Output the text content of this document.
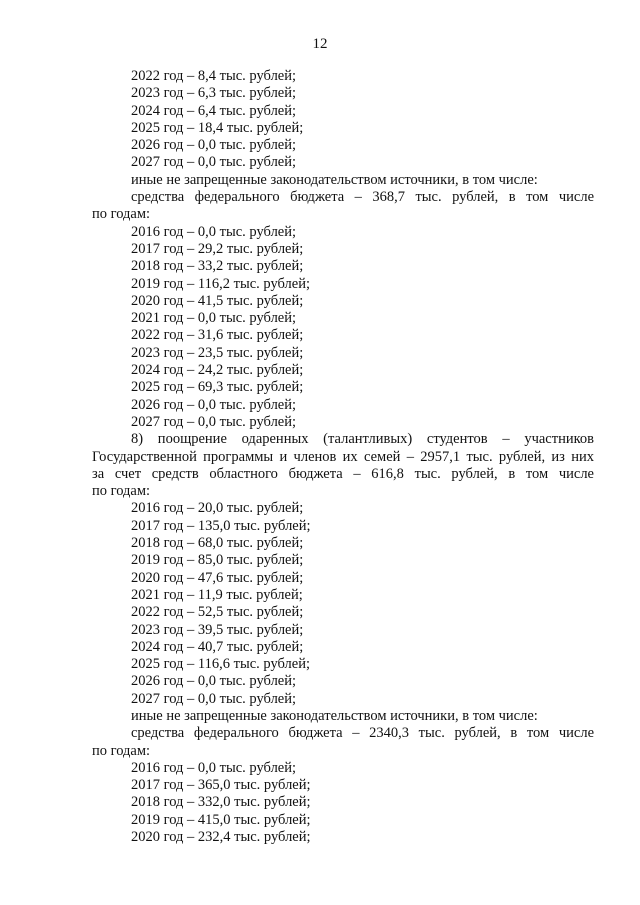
12
2022 год – 8,4 тыс. рублей;
2023 год – 6,3 тыс. рублей;
2024 год – 6,4 тыс. рублей;
2025 год – 18,4 тыс. рублей;
2026 год – 0,0 тыс. рублей;
2027 год – 0,0 тыс. рублей;
иные не запрещенные законодательством источники, в том числе:
средства федерального бюджета – 368,7 тыс. рублей, в том числе
по годам:
2016 год – 0,0 тыс. рублей;
2017 год – 29,2 тыс. рублей;
2018 год – 33,2 тыс. рублей;
2019 год – 116,2 тыс. рублей;
2020 год – 41,5 тыс. рублей;
2021 год – 0,0 тыс. рублей;
2022 год – 31,6 тыс. рублей;
2023 год – 23,5 тыс. рублей;
2024 год – 24,2 тыс. рублей;
2025 год – 69,3 тыс. рублей;
2026 год – 0,0 тыс. рублей;
2027 год – 0,0 тыс. рублей;
8) поощрение одаренных (талантливых) студентов – участников
Государственной программы и членов их семей – 2957,1 тыс. рублей, из них
за счет средств областного бюджета – 616,8 тыс. рублей, в том числе
по годам:
2016 год – 20,0 тыс. рублей;
2017 год – 135,0 тыс. рублей;
2018 год – 68,0 тыс. рублей;
2019 год – 85,0 тыс. рублей;
2020 год – 47,6 тыс. рублей;
2021 год – 11,9 тыс. рублей;
2022 год – 52,5 тыс. рублей;
2023 год – 39,5 тыс. рублей;
2024 год – 40,7 тыс. рублей;
2025 год – 116,6 тыс. рублей;
2026 год – 0,0 тыс. рублей;
2027 год – 0,0 тыс. рублей;
иные не запрещенные законодательством источники, в том числе:
средства федерального бюджета – 2340,3 тыс. рублей, в том числе
по годам:
2016 год – 0,0 тыс. рублей;
2017 год – 365,0 тыс. рублей;
2018 год – 332,0 тыс. рублей;
2019 год – 415,0 тыс. рублей;
2020 год – 232,4 тыс. рублей;
